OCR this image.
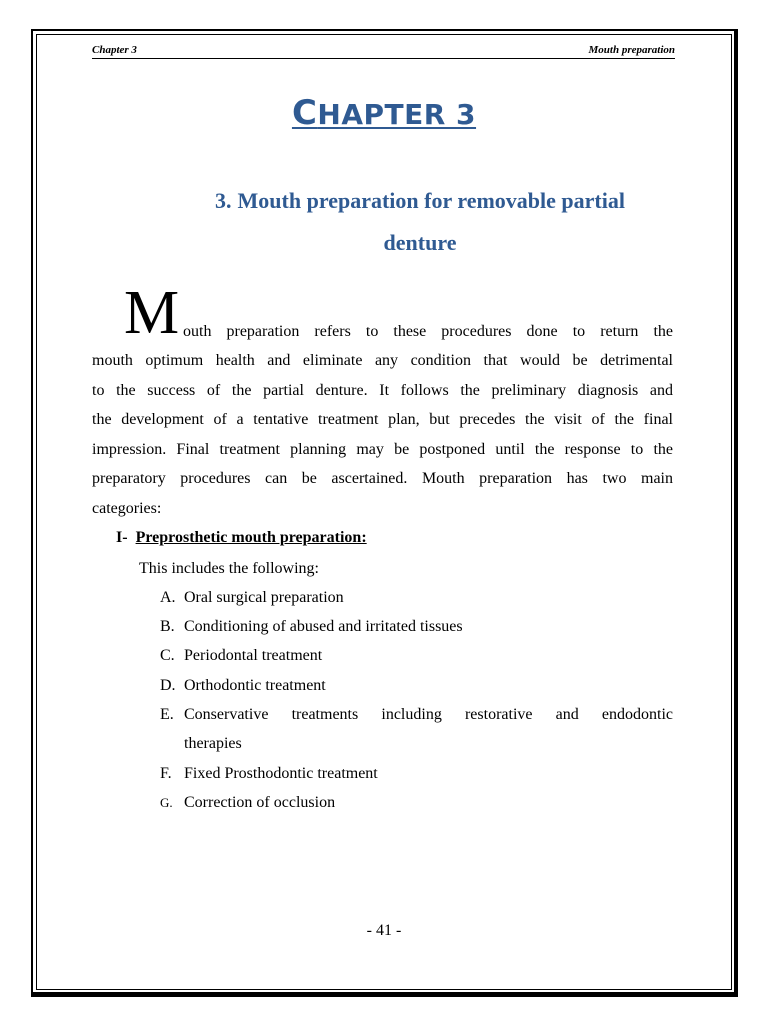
Chapter 3	Mouth preparation

CHAPTER 3
3. Mouth preparation for removable partial
denture
M outh preparation refers to these procedures done to return the
mouth optimum health and eliminate any condition that would be detrimental
to the success of the partial denture. It follows the preliminary diagnosis and
the development of a tentative treatment plan, but precedes the visit of the final
impression. Final treatment planning may be postponed until the response to the
preparatory procedures can be ascertained. Mouth preparation has two main
categories:
I- Preprosthetic mouth preparation:
This includes the following:
A. Oral surgical preparation
B. Conditioning of abused and irritated tissues
C. Periodontal treatment
D. Orthodontic treatment
E. Conservative treatments including restorative and endodontic
therapies
F. Fixed Prosthodontic treatment
G. Correction of occlusion
- 41 -
